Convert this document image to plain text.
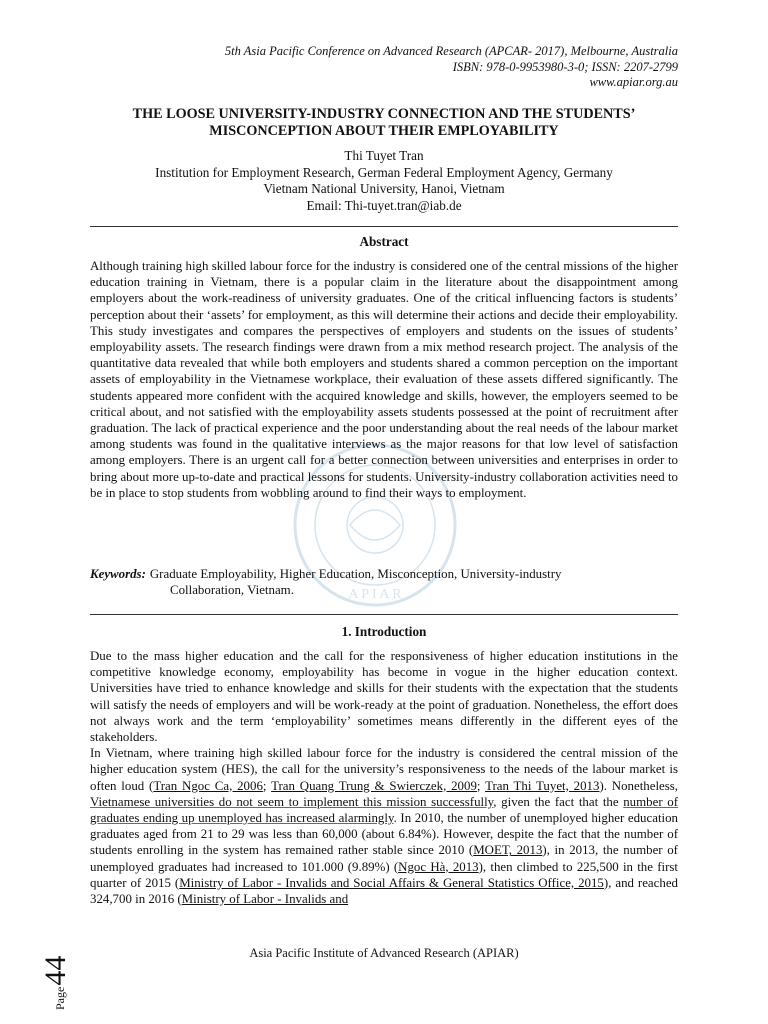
5th Asia Pacific Conference on Advanced Research (APCAR- 2017), Melbourne, Australia
ISBN: 978-0-9953980-3-0; ISSN: 2207-2799
www.apiar.org.au
THE LOOSE UNIVERSITY-INDUSTRY CONNECTION AND THE STUDENTS’
MISCONCEPTION ABOUT THEIR EMPLOYABILITY
Thi Tuyet Tran
Institution for Employment Research, German Federal Employment Agency, Germany
Vietnam National University, Hanoi, Vietnam
Email: Thi-tuyet.tran@iab.de
Abstract
A P I A R
Although training high skilled labour force for the industry is considered one of the central missions of the higher education training in Vietnam, there is a popular claim in the literature about the disappointment among employers about the work-readiness of university graduates. One of the critical influencing factors is students’ perception about their ‘assets’ for employment, as this will determine their actions and decide their employability. This study investigates and compares the perspectives of employers and students on the issues of students’ employability assets. The research findings were drawn from a mix method research project. The analysis of the quantitative data revealed that while both employers and students shared a common perception on the important assets of employability in the Vietnamese workplace, their evaluation of these assets differed significantly. The students appeared more confident with the acquired knowledge and skills, however, the employers seemed to be critical about, and not satisfied with the employability assets students possessed at the point of recruitment after graduation. The lack of practical experience and the poor understanding about the real needs of the labour market among students was found in the qualitative interviews as the major reasons for that low level of satisfaction among employers. There is an urgent call for a better connection between universities and enterprises in order to bring about more up-to-date and practical lessons for students. University-industry collaboration activities need to be in place to stop students from wobbling around to find their ways to employment.
Keywords: Graduate Employability, Higher Education, Misconception, University-industry
Collaboration, Vietnam.
1. Introduction

Due to the mass higher education and the call for the responsiveness of higher education institutions in the competitive knowledge economy, employability has become in vogue in the higher education context. Universities have tried to enhance knowledge and skills for their students with the expectation that the students will satisfy the needs of employers and will be work-ready at the point of graduation. Nonetheless, the effort does not always work and the term ‘employability’ sometimes means differently in the different eyes of the stakeholders.

In Vietnam, where training high skilled labour force for the industry is considered the central mission of the higher education system (HES), the call for the university’s responsiveness to the needs of the labour market is often loud (Tran Ngoc Ca, 2006; Tran Quang Trung & Swierczek, 2009; Tran Thi Tuyet, 2013). Nonetheless, Vietnamese universities do not seem to implement this mission successfully, given the fact that the number of graduates ending up unemployed has increased alarmingly. In 2010, the number of unemployed higher education graduates aged from 21 to 29 was less than 60,000 (about 6.84%). However, despite the fact that the number of students enrolling in the system has remained rather stable since 2010 (MOET, 2013), in 2013, the number of unemployed graduates had increased to 101.000 (9.89%) (Ngoc Hà, 2013), then climbed to 225,500 in the first quarter of 2015 (Ministry of Labor - Invalids and Social Affairs & General Statistics Office, 2015), and reached 324,700 in 2016 (Ministry of Labor - Invalids and

Page
44
Asia Pacific Institute of Advanced Research (APIAR)
